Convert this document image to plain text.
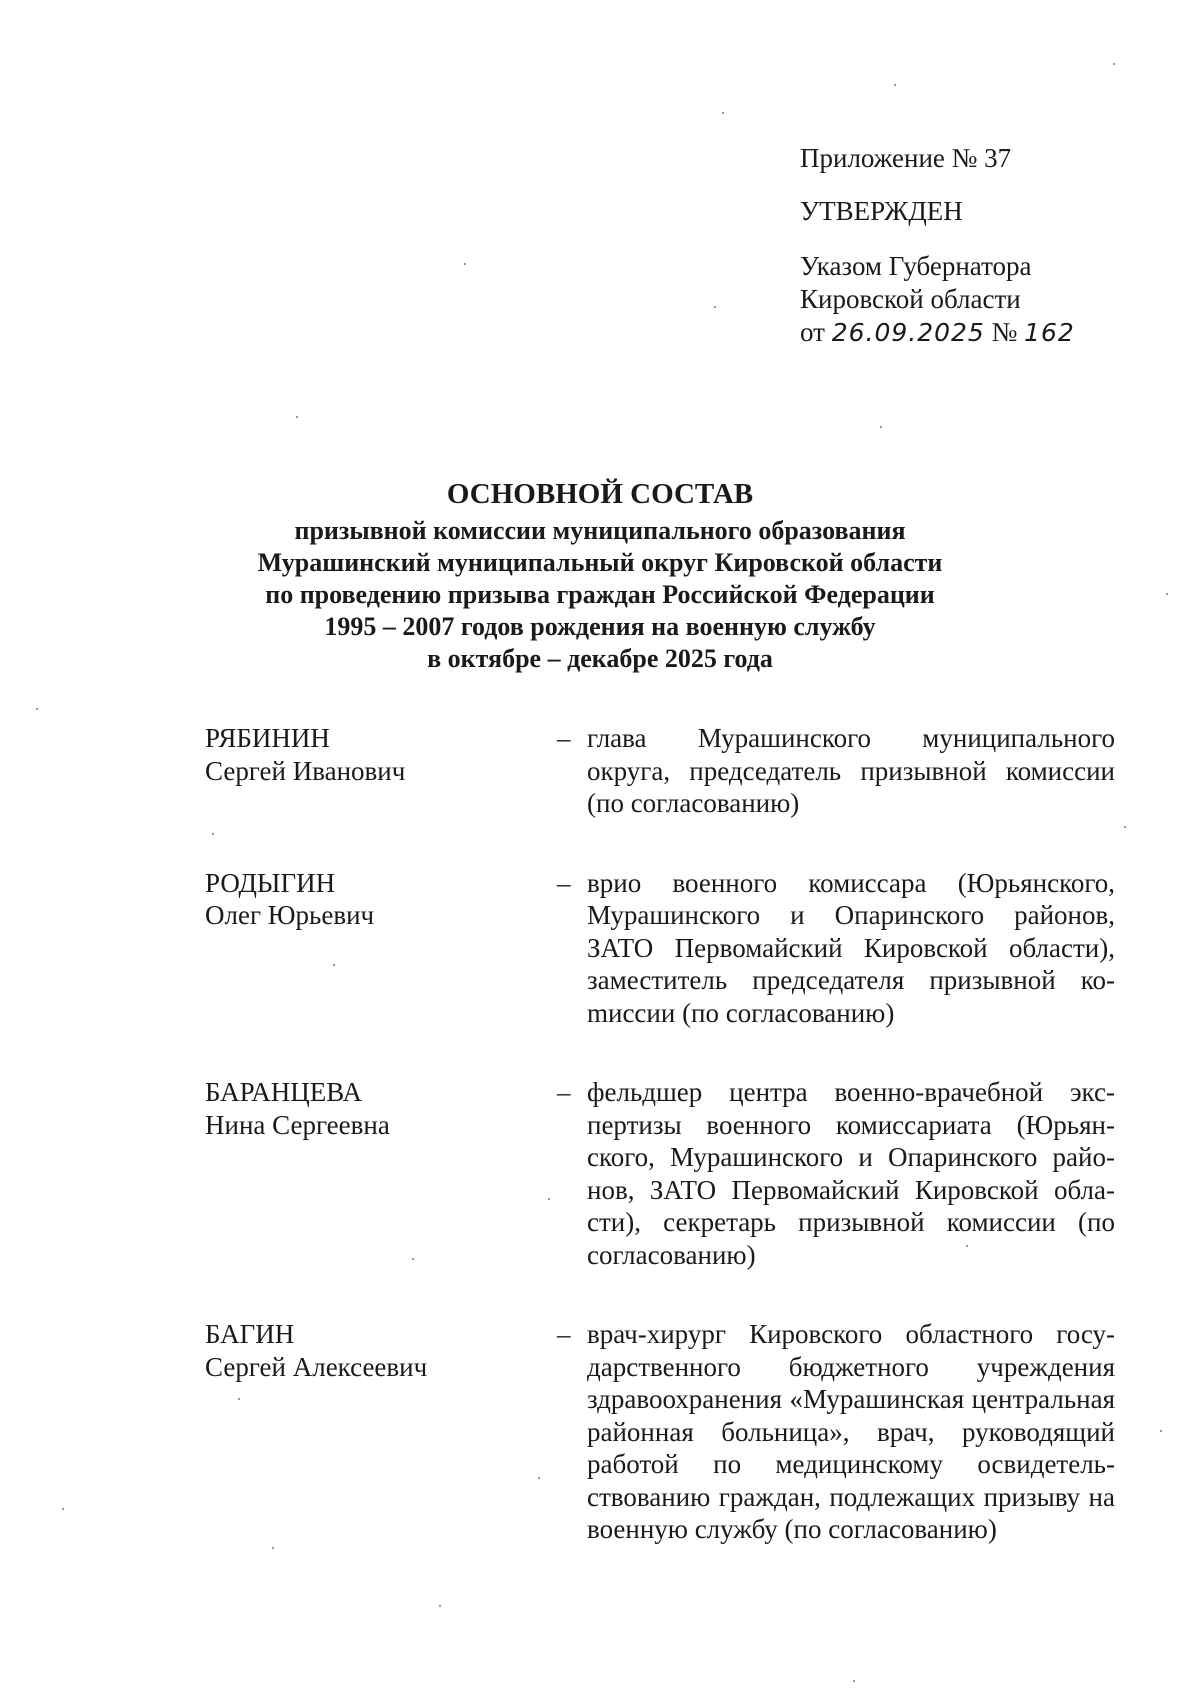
Приложение № 37
УТВЕРЖДЕН
Указом Губернатора
Кировской области
от 26.09.2025 № 162

ОСНОВНОЙ СОСТАВ

призывной комиссии муниципального образования

Мурашинский муниципальный округ Кировской области

по проведению призыва граждан Российской Федерации

1995 – 2007 годов рождения на военную службу

в октябре – декабре 2025 года

РЯБИНИН
Сергей Иванович
– глава Мурашинского муниципального округа, председатель призывной комиссии (по согласованию)
РОДЫГИН
Олег Юрьевич
– врио военного комиссара (Юрьянского, Мурашинского и Опаринского районов, ЗАТО Первомайский Кировской области), заместитель председателя призывной коmиссии (по согласованию)
БАРАНЦЕВА
Нина Сергеевна
– фельдшер центра военно-врачебной экспертизы военного комиссариата (Юрьянского, Мурашинского и Опаринского районов, ЗАТО Первомайский Кировской области), секретарь призывной комиссии (по согласованию)
БАГИН
Сергей Алексеевич
– врач-хирург Кировского областного государственного бюджетного учреждения здравоохранения «Мурашинская центральная районная больница», врач, руководящий работой по медицинскому освидетельствованию граждан, подлежащих призыву на военную службу (по согласованию)
